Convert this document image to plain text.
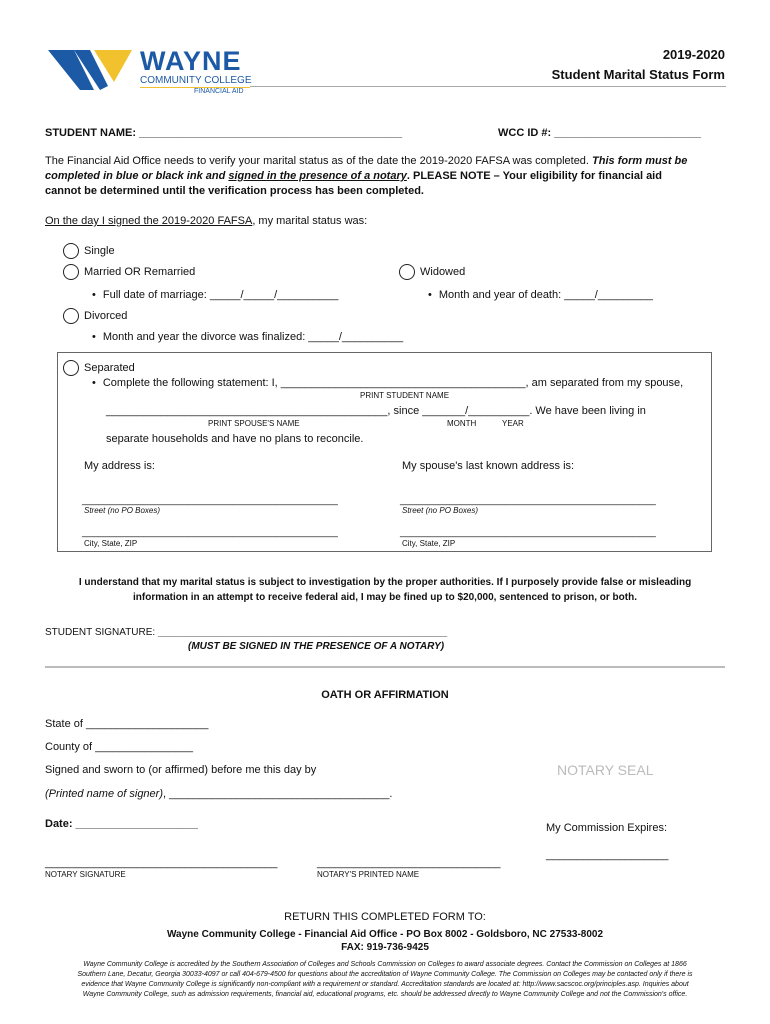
WAYNE
COMMUNITY COLLEGE
FINANCIAL AID
2019-2020
Student Marital Status Form
STUDENT NAME: ___________________________________________	WCC ID #: ________________________
The Financial Aid Office needs to verify your marital status as of the date the 2019-2020 FAFSA was completed. This form must be
completed in blue or black ink and signed in the presence of a notary. PLEASE NOTE – Your eligibility for financial aid
cannot be determined until the verification process has been completed.
On the day I signed the 2019-2020 FAFSA, my marital status was:
Single
Married OR Remarried
• Full date of marriage: _____/_____/__________
Widowed
• Month and year of death: _____/_________
Divorced
• Month and year the divorce was finalized: _____/__________
Separated
• Complete the following statement: I, ________________________________________, am separated from my spouse,
PRINT STUDENT NAME
______________________________________________, since _______/__________. We have been living in
PRINT SPOUSE'S NAME	MONTH	YEAR
separate households and have no plans to reconcile.
My address is:	My spouse's last known address is:
______________________________________________
Street (no PO Boxes)
______________________________________________
Street (no PO Boxes)
______________________________________________
City, State, ZIP
______________________________________________
City, State, ZIP
I understand that my marital status is subject to investigation by the proper authorities. If I purposely provide false or misleading
information in an attempt to receive federal aid, I may be fined up to $20,000, sentenced to prison, or both.
STUDENT SIGNATURE: ____________________________________________________
(MUST BE SIGNED IN THE PRESENCE OF A NOTARY)
OATH OR AFFIRMATION
State of ____________________
County of ________________
Signed and sworn to (or affirmed) before me this day by	NOTARY SEAL
(Printed name of signer), ____________________________________.
Date: ____________________	My Commission Expires:
____________________
______________________________________
NOTARY SIGNATURE
______________________________
NOTARY'S PRINTED NAME
RETURN THIS COMPLETED FORM TO:
Wayne Community College - Financial Aid Office - PO Box 8002 - Goldsboro, NC 27533-8002
FAX: 919-736-9425
Wayne Community College is accredited by the Southern Association of Colleges and Schools Commission on Colleges to award associate degrees. Contact the Commission on Colleges at 1866
Southern Lane, Decatur, Georgia 30033-4097 or call 404-679-4500 for questions about the accreditation of Wayne Community College. The Commission on Colleges may be contacted only if there is
evidence that Wayne Community College is significantly non-compliant with a requirement or standard. Accreditation standards are located at: http://www.sacscoc.org/principles.asp. Inquiries about
Wayne Community College, such as admission requirements, financial aid, educational programs, etc. should be addressed directly to Wayne Community College and not the Commission's office.
